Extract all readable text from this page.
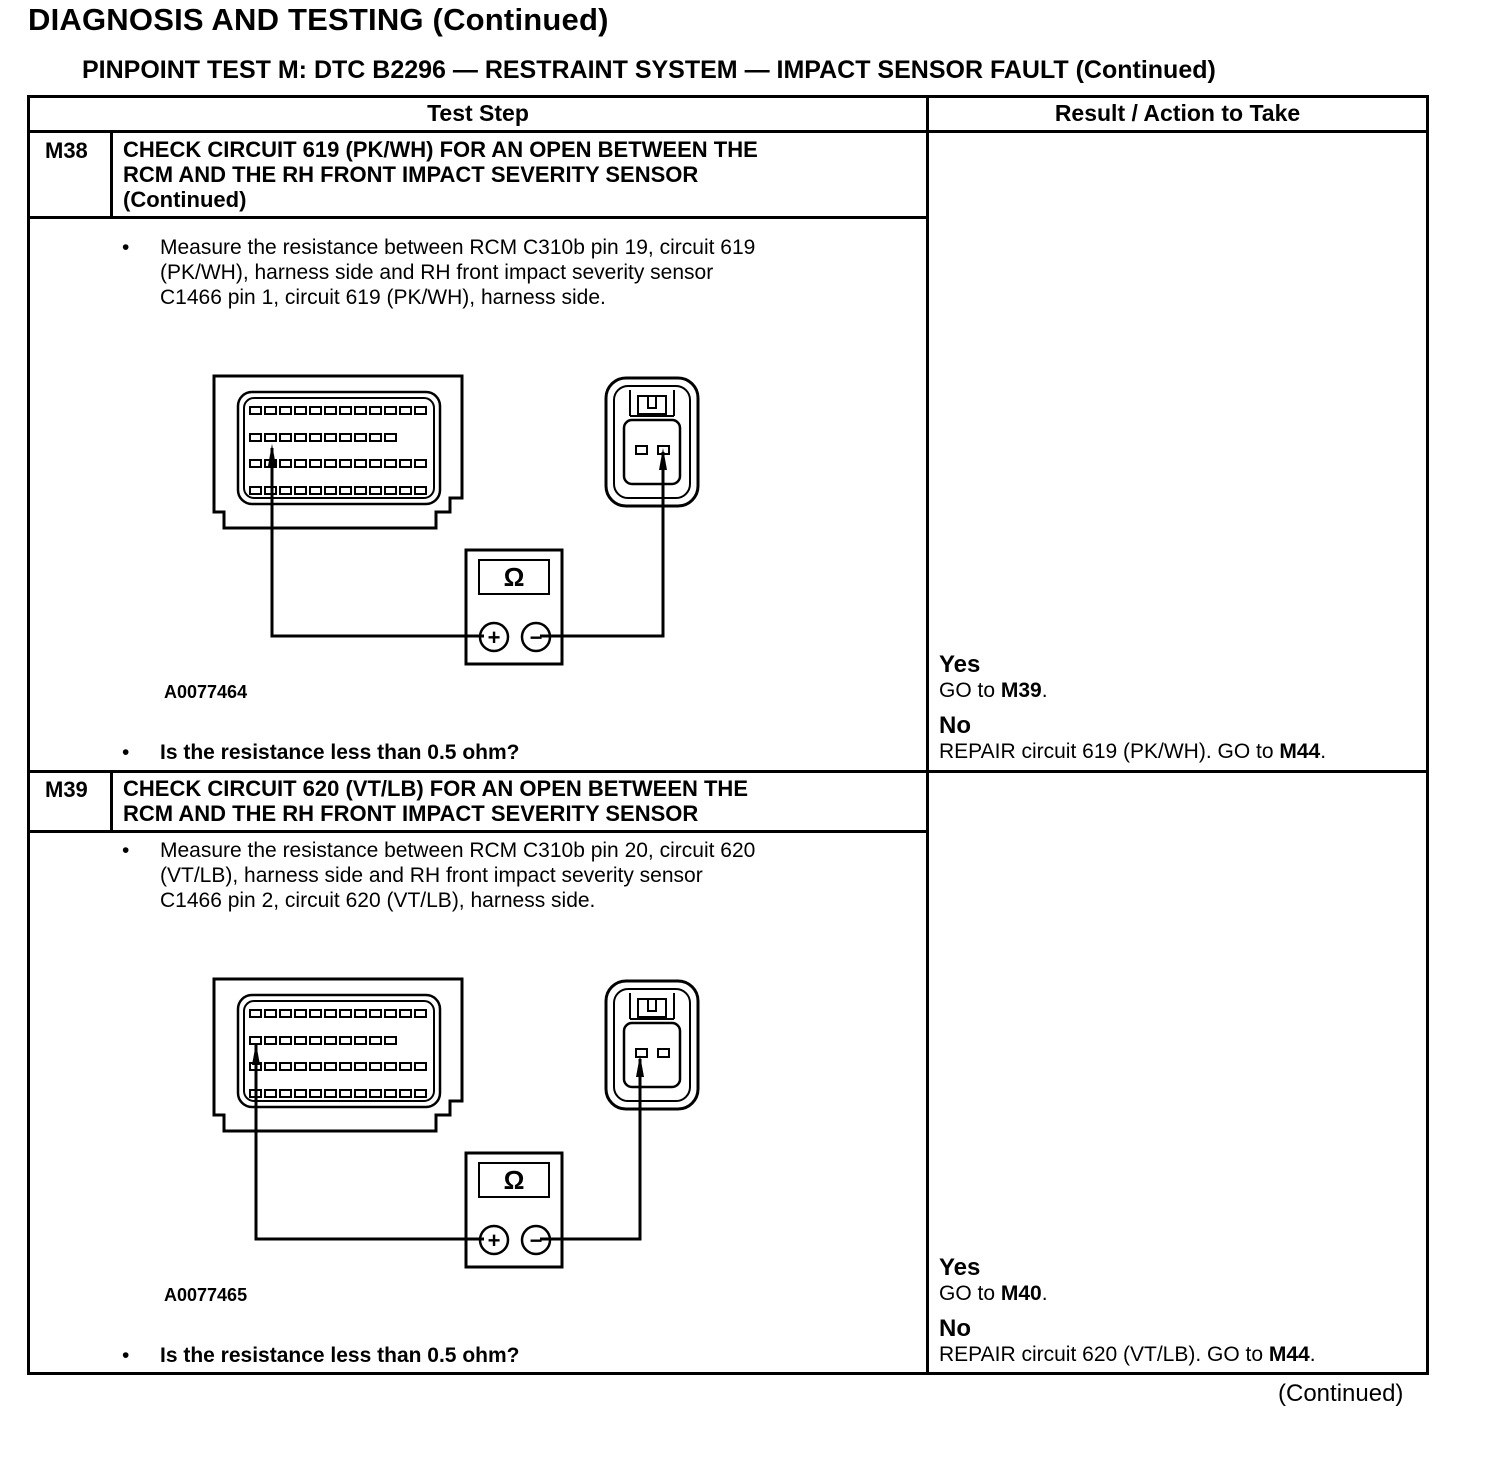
DIAGNOSIS AND TESTING (Continued)
PINPOINT TEST M: DTC B2296 — RESTRAINT SYSTEM — IMPACT SENSOR FAULT (Continued)
Test Step	Result / Action to Take
M38 CHECK CIRCUIT 619 (PK/WH) FOR AN OPEN BETWEEN THE
RCM AND THE RH FRONT IMPACT SEVERITY SENSOR
(Continued)
• Measure the resistance between RCM C310b pin 19, circuit 619
(PK/WH), harness side and RH front impact severity sensor
C1466 pin 1, circuit 619 (PK/WH), harness side.
Ω
+ −
A0077464
• Is the resistance less than 0.5 ohm?
Yes
GO to M39.
No
REPAIR circuit 619 (PK/WH). GO to M44.
M39 CHECK CIRCUIT 620 (VT/LB) FOR AN OPEN BETWEEN THE
RCM AND THE RH FRONT IMPACT SEVERITY SENSOR
• Measure the resistance between RCM C310b pin 20, circuit 620
(VT/LB), harness side and RH front impact severity sensor
C1466 pin 2, circuit 620 (VT/LB), harness side.
Ω
+ −
A0077465
• Is the resistance less than 0.5 ohm?
Yes
GO to M40.
No
REPAIR circuit 620 (VT/LB). GO to M44.
(Continued)
